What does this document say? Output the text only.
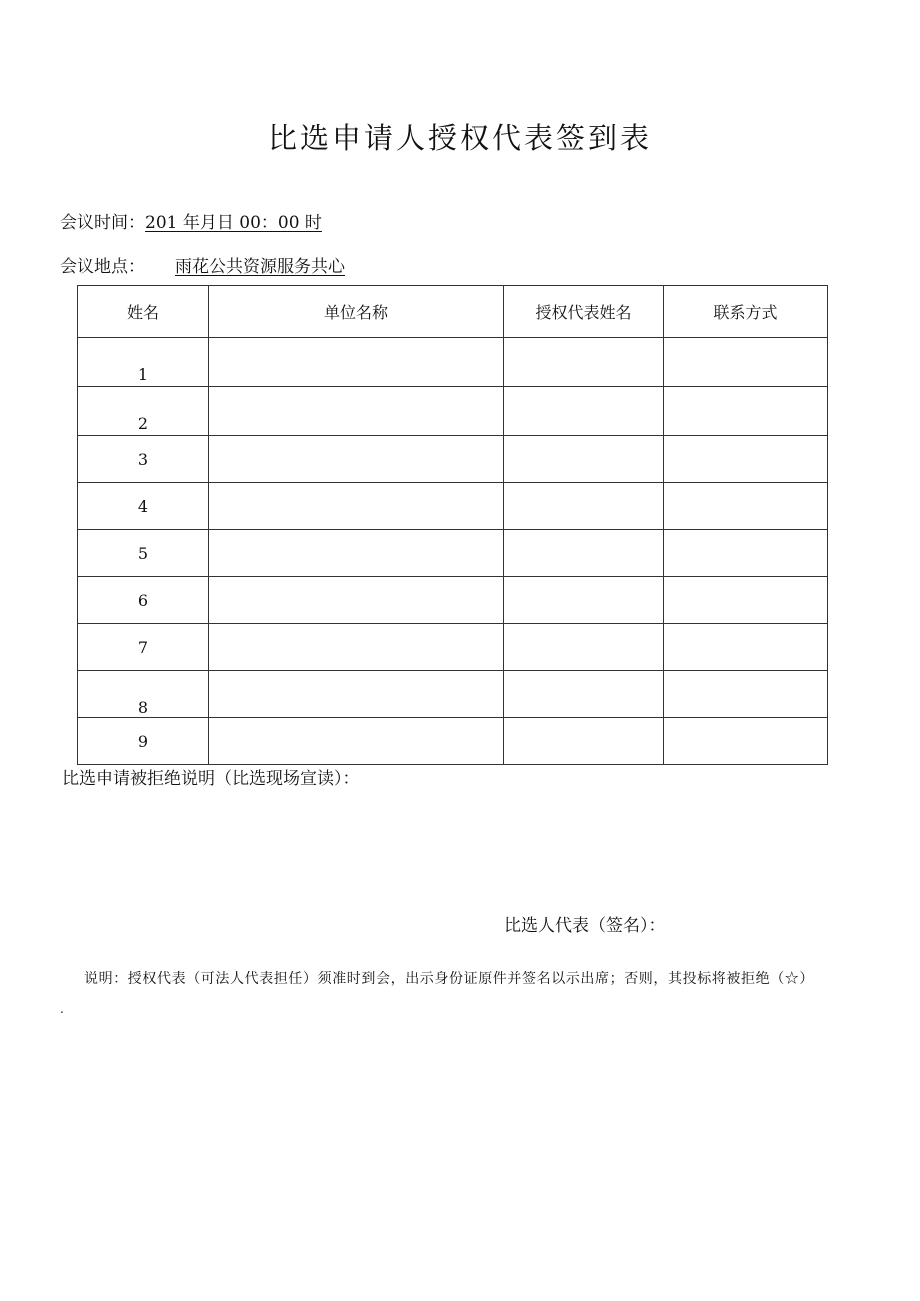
比选申请人授权代表签到表
会议时间：201 年月日 00：00 时
会议地点： 雨花公共资源服务共心
姓名	单位名称	授权代表姓名	联系方式
1			
2			
3			
4			
5			
6			
7			
8			
9			
比选申请被拒绝说明（比选现场宣读）：
比选人代表（签名）：
说明：授权代表（可法人代表担任）须准时到会，出示身份证原件并签名以示出席；否则，其投标将被拒绝（☆）
.
